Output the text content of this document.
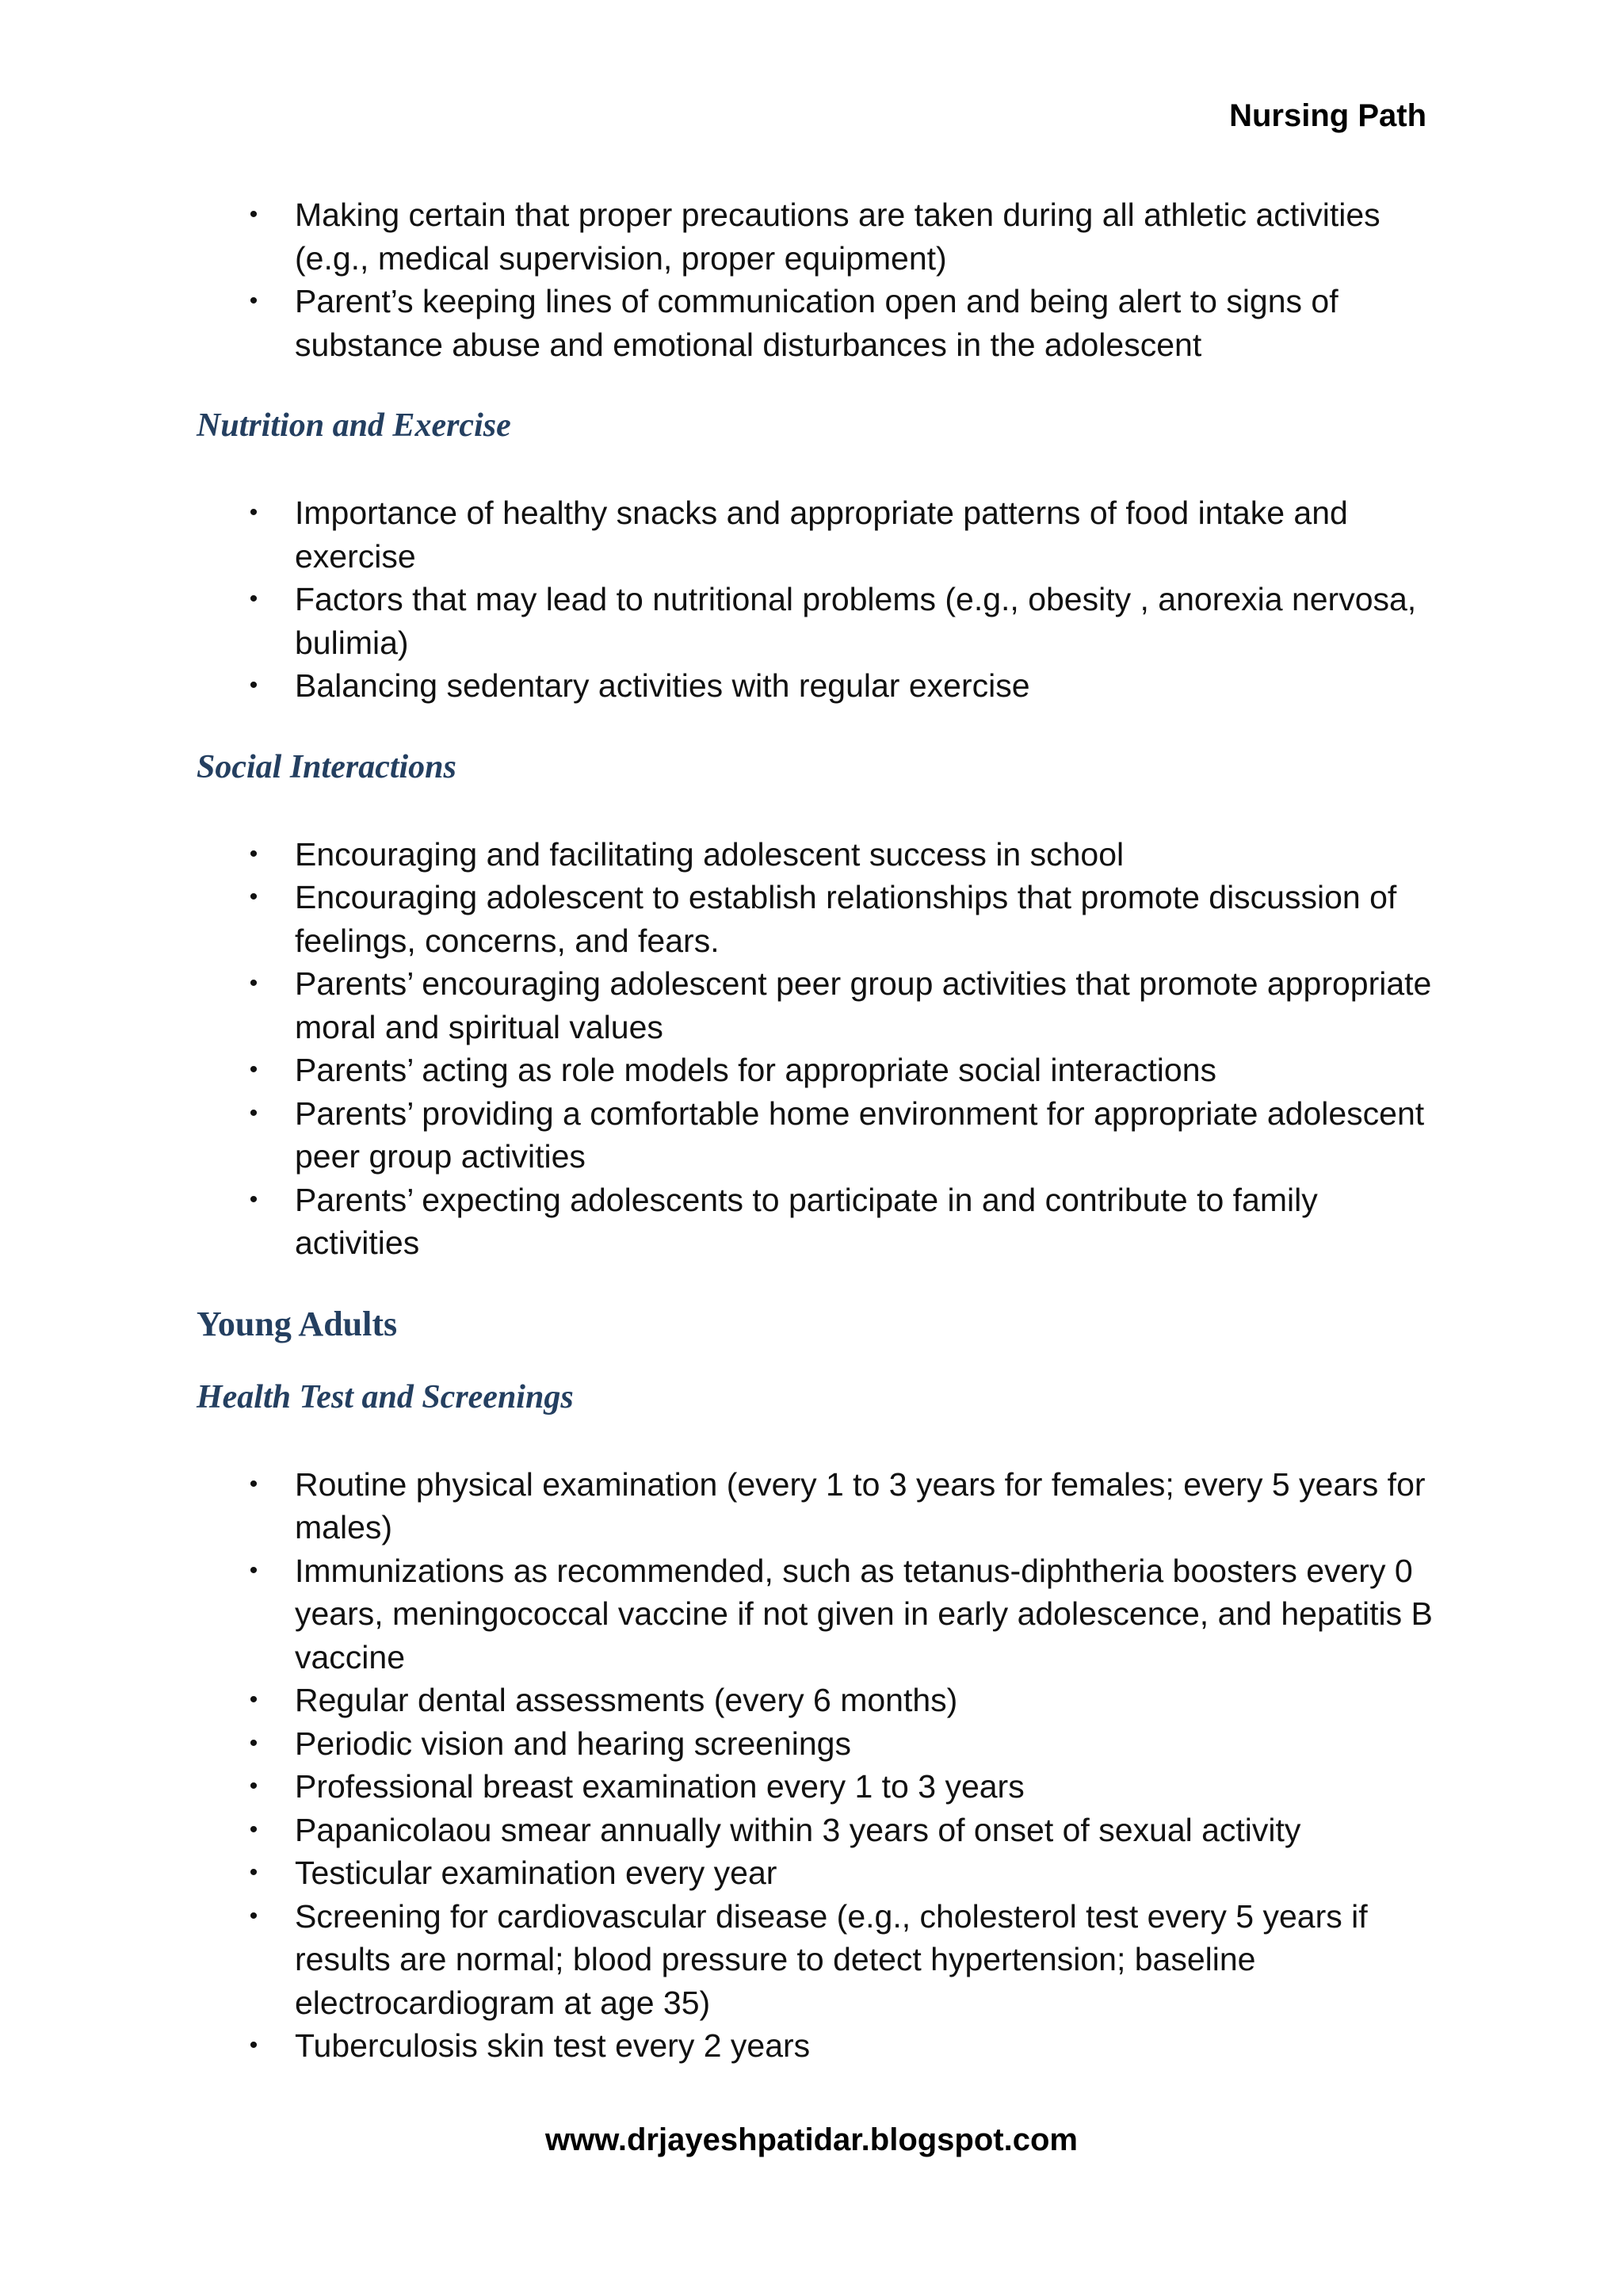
Nursing Path
• Making certain that proper precautions are taken during all athletic activities (e.g., medical supervision, proper equipment)
• Parent’s keeping lines of communication open and being alert to signs of substance abuse and emotional disturbances in the adolescent
Nutrition and Exercise
• Importance of healthy snacks and appropriate patterns of food intake and exercise
• Factors that may lead to nutritional problems (e.g., obesity , anorexia nervosa, bulimia)
• Balancing sedentary activities with regular exercise
Social Interactions
• Encouraging and facilitating adolescent success in school
• Encouraging adolescent to establish relationships that promote discussion of feelings, concerns, and fears.
• Parents’ encouraging adolescent peer group activities that promote appropriate moral and spiritual values
• Parents’ acting as role models for appropriate social interactions
• Parents’ providing a comfortable home environment for appropriate adolescent peer group activities
• Parents’ expecting adolescents to participate in and contribute to family activities
Young Adults
Health Test and Screenings
• Routine physical examination (every 1 to 3 years for females; every 5 years for males)
• Immunizations as recommended, such as tetanus-diphtheria boosters every 0 years, meningococcal vaccine if not given in early adolescence, and hepatitis B vaccine
• Regular dental assessments (every 6 months)
• Periodic vision and hearing screenings
• Professional breast examination every 1 to 3 years
• Papanicolaou smear annually within 3 years of onset of sexual activity
• Testicular examination every year
• Screening for cardiovascular disease (e.g., cholesterol test every 5 years if results are normal; blood pressure to detect hypertension; baseline electrocardiogram at age 35)
• Tuberculosis skin test every 2 years
www.drjayeshpatidar.blogspot.com
